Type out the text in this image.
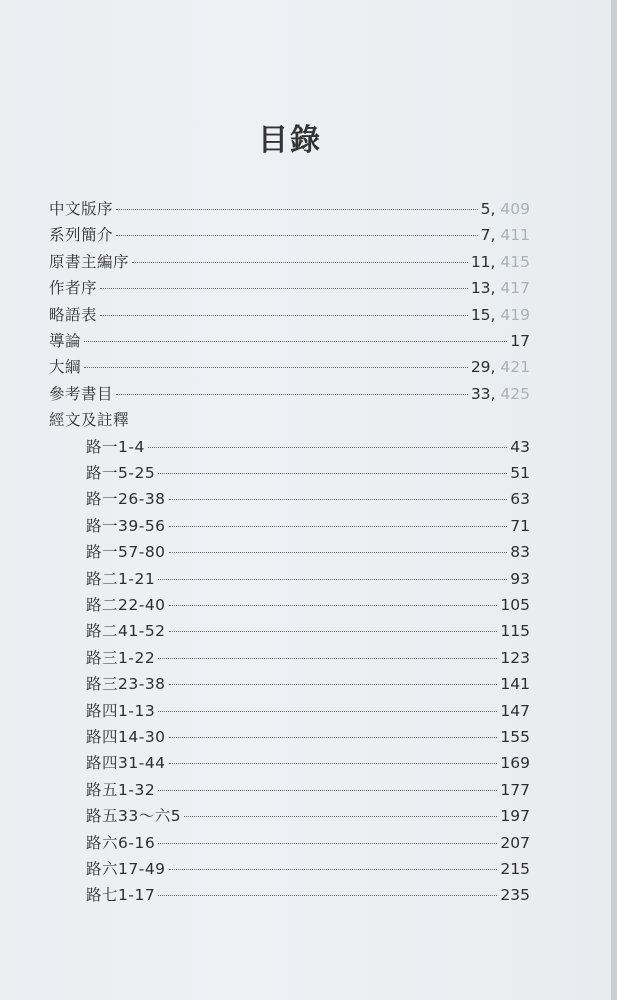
目錄
中文版序	5, 409
系列簡介	7, 411
原書主編序	11, 415
作者序	13, 417
略語表	15, 419
導論	17
大綱	29, 421
參考書目	33, 425
經文及註釋
路一1-4	43
路一5-25	51
路一26-38	63
路一39-56	71
路一57-80	83
路二1-21	93
路二22-40	105
路二41-52	115
路三1-22	123
路三23-38	141
路四1-13	147
路四14-30	155
路四31-44	169
路五1-32	177
路五33～六5	197
路六6-16	207
路六17-49	215
路七1-17	235
